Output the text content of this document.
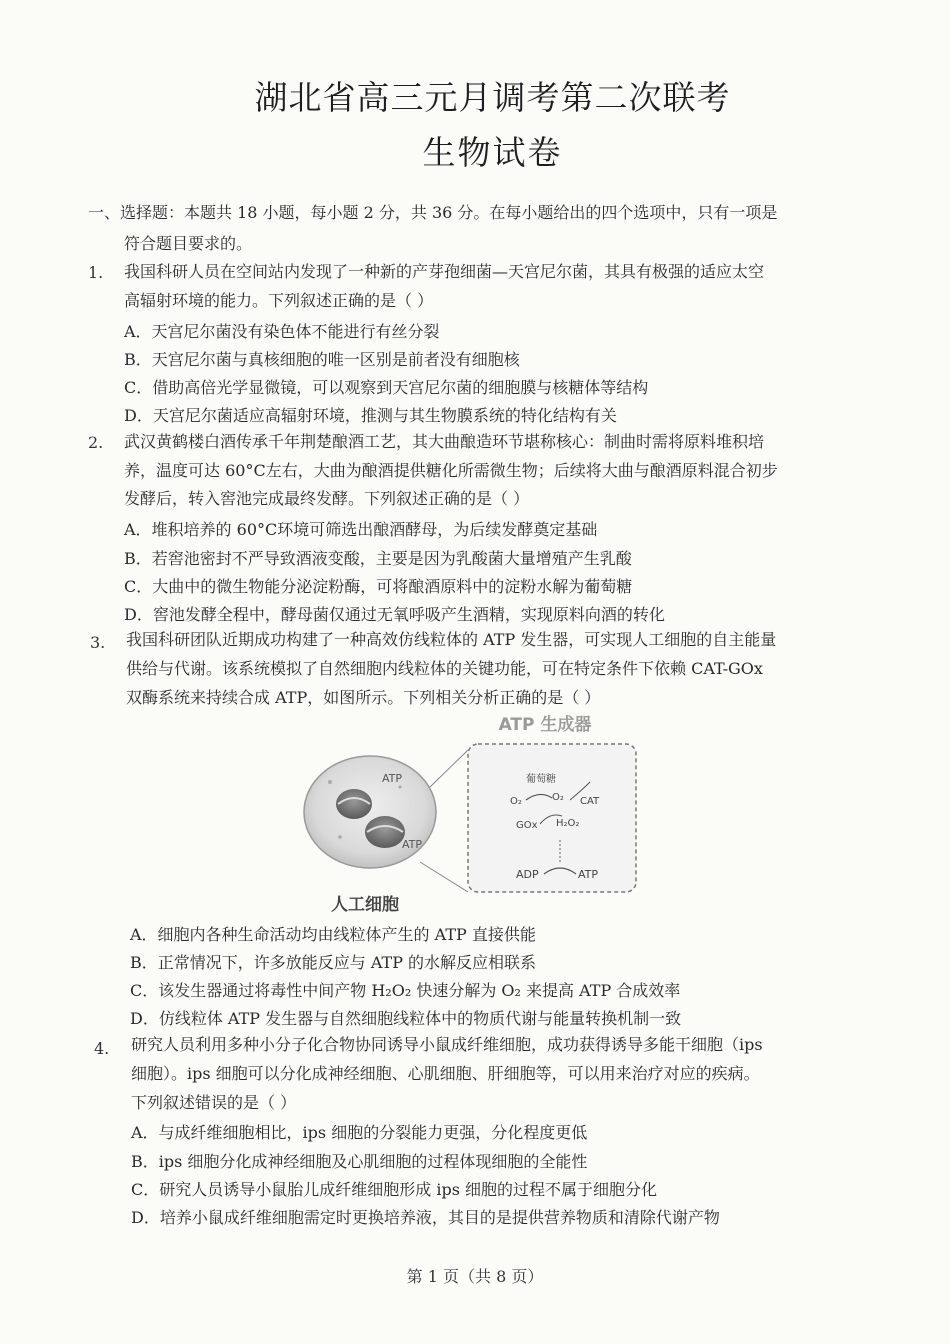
湖北省高三元月调考第二次联考
生物试卷
一、选择题：本题共 18 小题，每小题 2 分，共 36 分。在每小题给出的四个选项中，只有一项是
符合题目要求的。
1. 我国科研人员在空间站内发现了一种新的产芽孢细菌—天宫尼尔菌，其具有极强的适应太空
高辐射环境的能力。下列叙述正确的是（ ）
A．天宫尼尔菌没有染色体不能进行有丝分裂
B．天宫尼尔菌与真核细胞的唯一区别是前者没有细胞核
C．借助高倍光学显微镜，可以观察到天宫尼尔菌的细胞膜与核糖体等结构
D．天宫尼尔菌适应高辐射环境，推测与其生物膜系统的特化结构有关
2. 武汉黄鹤楼白酒传承千年荆楚酿酒工艺，其大曲酿造环节堪称核心：制曲时需将原料堆积培
养，温度可达 60°C左右，大曲为酿酒提供糖化所需微生物；后续将大曲与酿酒原料混合初步
发酵后，转入窖池完成最终发酵。下列叙述正确的是（ ）
A．堆积培养的 60°C环境可筛选出酿酒酵母，为后续发酵奠定基础
B．若窖池密封不严导致酒液变酸，主要是因为乳酸菌大量增殖产生乳酸
C．大曲中的微生物能分泌淀粉酶，可将酿酒原料中的淀粉水解为葡萄糖
D．窖池发酵全程中，酵母菌仅通过无氧呼吸产生酒精，实现原料向酒的转化
3. 我国科研团队近期成功构建了一种高效仿线粒体的 ATP 发生器，可实现人工细胞的自主能量
供给与代谢。该系统模拟了自然细胞内线粒体的关键功能，可在特定条件下依赖 CAT-GOx
双酶系统来持续合成 ATP，如图所示。下列相关分析正确的是（ ）
ATP 生成器
ATP
ATP
葡萄糖
O₂	O₂ CAT
GOx H₂O₂
ADP	ATP
人工细胞
A．细胞内各种生命活动均由线粒体产生的 ATP 直接供能
B．正常情况下，许多放能反应与 ATP 的水解反应相联系
C．该发生器通过将毒性中间产物 H₂O₂ 快速分解为 O₂ 来提高 ATP 合成效率
D．仿线粒体 ATP 发生器与自然细胞线粒体中的物质代谢与能量转换机制一致
4. 研究人员利用多种小分子化合物协同诱导小鼠成纤维细胞，成功获得诱导多能干细胞（ips
细胞）。ips 细胞可以分化成神经细胞、心肌细胞、肝细胞等，可以用来治疗对应的疾病。
下列叙述错误的是（ ）
A．与成纤维细胞相比，ips 细胞的分裂能力更强，分化程度更低
B．ips 细胞分化成神经细胞及心肌细胞的过程体现细胞的全能性
C．研究人员诱导小鼠胎儿成纤维细胞形成 ips 细胞的过程不属于细胞分化
D．培养小鼠成纤维细胞需定时更换培养液，其目的是提供营养物质和清除代谢产物
第 1 页（共 8 页）
